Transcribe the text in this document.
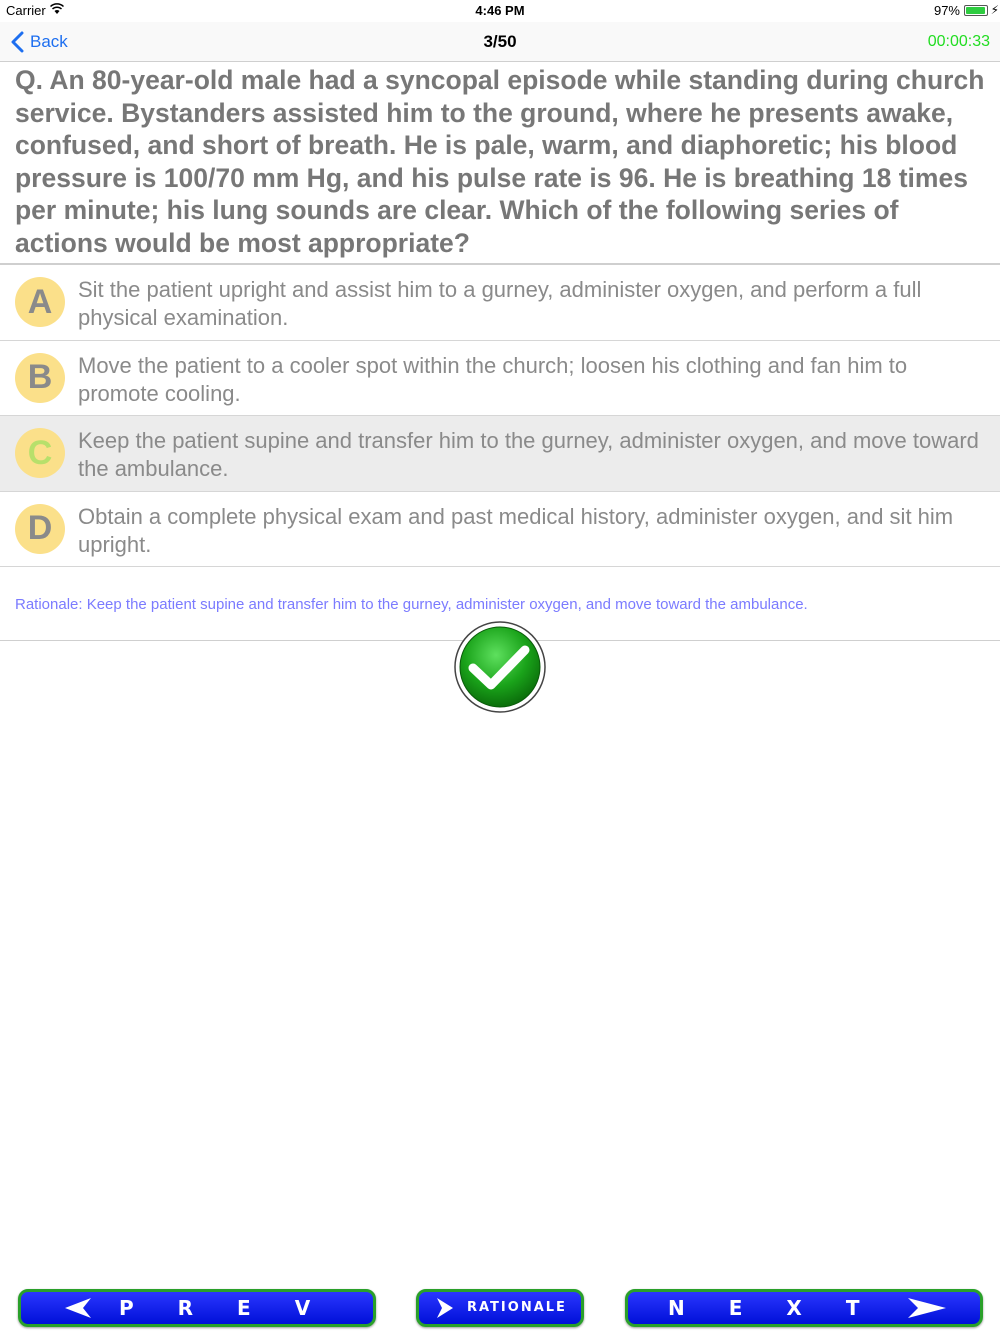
Carrier	4:46 PM	97%	⚡
Back	3/50	00:00:33
Q. An 80-year-old male had a syncopal episode while standing during church service. Bystanders assisted him to the ground, where he presents awake, confused, and short of breath. He is pale, warm, and diaphoretic; his blood pressure is 100/70 mm Hg, and his pulse rate is 96. He is breathing 18 times per minute; his lung sounds are clear. Which of the following series of actions would be most appropriate?
A	Sit the patient upright and assist him to a gurney, administer oxygen, and perform a full physical examination.
B	Move the patient to a cooler spot within the church; loosen his clothing and fan him to promote cooling.
C	Keep the patient supine and transfer him to the gurney, administer oxygen, and move toward the ambulance.
D	Obtain a complete physical exam and past medical history, administer oxygen, and sit him upright.
Rationale: Keep the patient supine and transfer him to the gurney, administer oxygen, and move toward the ambulance.
PREV	RATIONALE	NEXT
